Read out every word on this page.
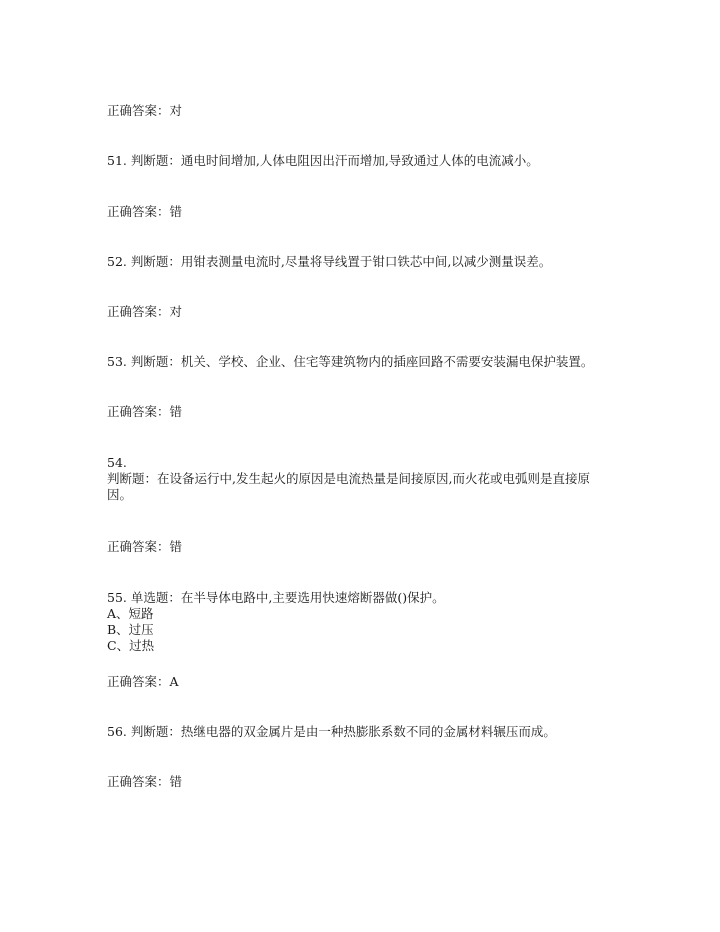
正确答案：对
51. 判断题：通电时间增加,人体电阻因出汗而增加,导致通过人体的电流减小。
正确答案：错
52. 判断题：用钳表测量电流时,尽量将导线置于钳口铁芯中间,以减少测量误差。
正确答案：对
53. 判断题：机关、学校、企业、住宅等建筑物内的插座回路不需要安装漏电保护装置。
正确答案：错
54.
判断题：在设备运行中,发生起火的原因是电流热量是间接原因,而火花或电弧则是直接原
因。
正确答案：错
55. 单选题：在半导体电路中,主要选用快速熔断器做()保护。
A、短路
B、过压
C、过热
正确答案：A
56. 判断题：热继电器的双金属片是由一种热膨胀系数不同的金属材料辗压而成。
正确答案：错
